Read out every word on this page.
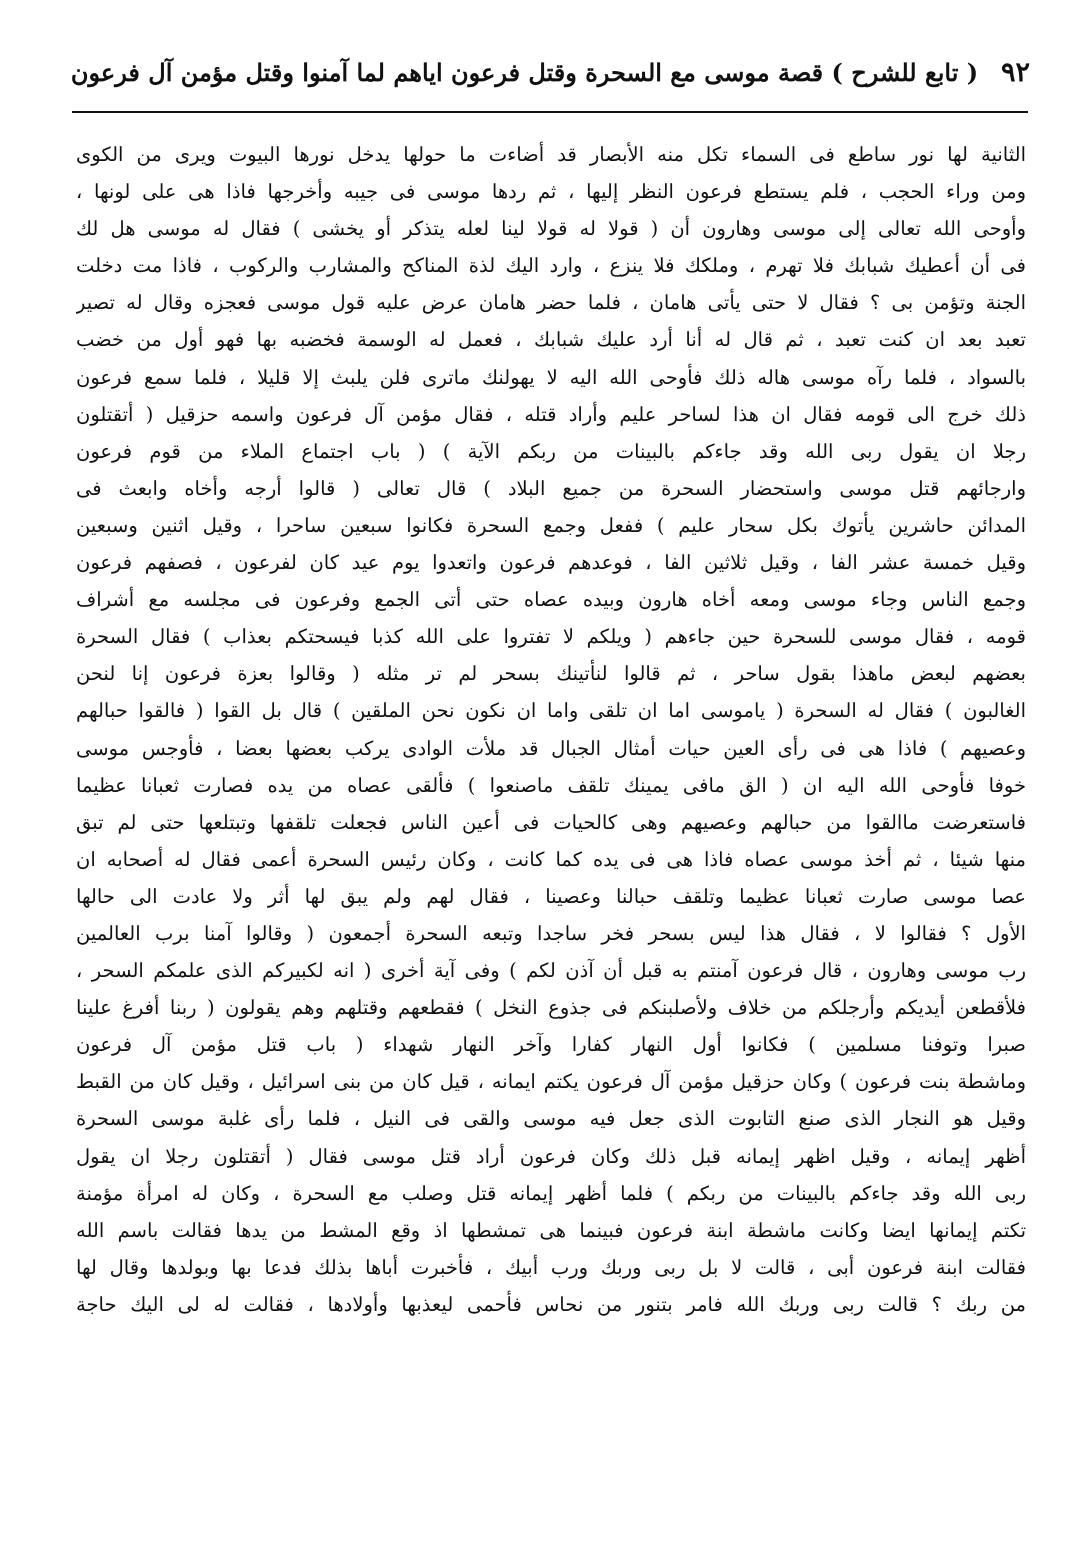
٩٢
( تابع للشرح ) قصة موسى مع السحرة وقتل فرعون اياهم لما آمنوا وقتل مؤمن آل فرعون
الثانية لها نور ساطع فى السماء تكل منه الأبصار قد أضاءت ما حولها يدخل نورها البيوت ويرى من الكوى
ومن وراء الحجب ، فلم يستطع فرعون النظر إليها ، ثم ردها موسى فى جيبه وأخرجها فاذا هى على لونها ،
وأوحى الله تعالى إلى موسى وهارون أن ( قولا له قولا لينا لعله يتذكر أو يخشى ) فقال له موسى هل لك
فى أن أعطيك شبابك فلا تهرم ، وملكك فلا ينزع ، وارد اليك لذة المناكح والمشارب والركوب ، فاذا مت دخلت
الجنة وتؤمن بى ؟ فقال لا حتى يأتى هامان ، فلما حضر هامان عرض عليه قول موسى فعجزه وقال له تصير
تعبد بعد ان كنت تعبد ، ثم قال له أنا أرد عليك شبابك ، فعمل له الوسمة فخضبه بها فهو أول من خضب
بالسواد ، فلما رآه موسى هاله ذلك فأوحى الله اليه لا يهولنك ماترى فلن يلبث إلا قليلا ، فلما سمع فرعون
ذلك خرج الى قومه فقال ان هذا لساحر عليم وأراد قتله ، فقال مؤمن آل فرعون واسمه حزقيل ( أتقتلون
رجلا ان يقول ربى الله وقد جاءكم بالبينات من ربكم الآية ) ( باب اجتماع الملاء من قوم فرعون
وارجائهم قتل موسى واستحضار السحرة من جميع البلاد ) قال تعالى ( قالوا أرجه وأخاه وابعث فى
المدائن حاشرين يأتوك بكل سحار عليم ) ففعل وجمع السحرة فكانوا سبعين ساحرا ، وقيل اثنين وسبعين
وقيل خمسة عشر الفا ، وقيل ثلاثين الفا ، فوعدهم فرعون واتعدوا يوم عيد كان لفرعون ، فصفهم فرعون
وجمع الناس وجاء موسى ومعه أخاه هارون وبيده عصاه حتى أتى الجمع وفرعون فى مجلسه مع أشراف
قومه ، فقال موسى للسحرة حين جاءهم ( ويلكم لا تفتروا على الله كذبا فيسحتكم بعذاب ) فقال السحرة
بعضهم لبعض ماهذا بقول ساحر ، ثم قالوا لنأتينك بسحر لم تر مثله ( وقالوا بعزة فرعون إنا لنحن
الغالبون ) فقال له السحرة ( ياموسى اما ان تلقى واما ان نكون نحن الملقين ) قال بل القوا ( فالقوا حبالهم
وعصيهم ) فاذا هى فى رأى العين حيات أمثال الجبال قد ملأت الوادى يركب بعضها بعضا ، فأوجس موسى
خوفا فأوحى الله اليه ان ( الق مافى يمينك تلقف ماصنعوا ) فألقى عصاه من يده فصارت ثعبانا عظيما
فاستعرضت ماالقوا من حبالهم وعصيهم وهى كالحيات فى أعين الناس فجعلت تلقفها وتبتلعها حتى لم تبق
منها شيئا ، ثم أخذ موسى عصاه فاذا هى فى يده كما كانت ، وكان رئيس السحرة أعمى فقال له أصحابه ان
عصا موسى صارت ثعبانا عظيما وتلقف حبالنا وعصينا ، فقال لهم ولم يبق لها أثر ولا عادت الى حالها
الأول ؟ فقالوا لا ، فقال هذا ليس بسحر فخر ساجدا وتبعه السحرة أجمعون ( وقالوا آمنا برب العالمين
رب موسى وهارون ، قال فرعون آمنتم به قبل أن آذن لكم ) وفى آية أخرى ( انه لكبيركم الذى علمكم السحر ،
فلأقطعن أيديكم وأرجلكم من خلاف ولأصلبنكم فى جذوع النخل ) فقطعهم وقتلهم وهم يقولون ( ربنا أفرغ علينا
صبرا وتوفنا مسلمين ) فكانوا أول النهار كفارا وآخر النهار شهداء ( باب قتل مؤمن آل فرعون
وماشطة بنت فرعون ) وكان حزقيل مؤمن آل فرعون يكتم ايمانه ، قيل كان من بنى اسرائيل ، وقيل كان من القبط
وقيل هو النجار الذى صنع التابوت الذى جعل فيه موسى والقى فى النيل ، فلما رأى غلبة موسى السحرة
أظهر إيمانه ، وقيل اظهر إيمانه قبل ذلك وكان فرعون أراد قتل موسى فقال ( أتقتلون رجلا ان يقول
ربى الله وقد جاءكم بالبينات من ربكم ) فلما أظهر إيمانه قتل وصلب مع السحرة ، وكان له امرأة مؤمنة
تكتم إيمانها ايضا وكانت ماشطة ابنة فرعون فبينما هى تمشطها اذ وقع المشط من يدها فقالت باسم الله
فقالت ابنة فرعون أبى ، قالت لا بل ربى وربك ورب أبيك ، فأخبرت أباها بذلك فدعا بها وبولدها وقال لها
من ربك ؟ قالت ربى وربك الله فامر بتنور من نحاس فأحمى ليعذبها وأولادها ، فقالت له لى اليك حاجة
